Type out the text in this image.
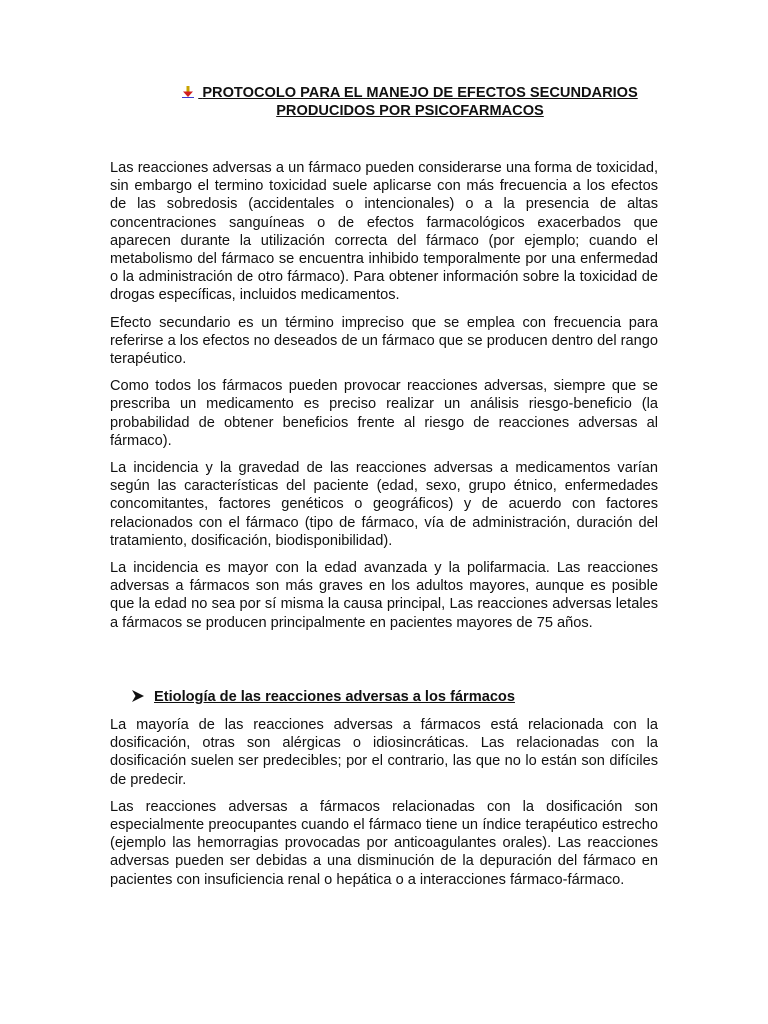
PROTOCOLO PARA EL MANEJO DE EFECTOS SECUNDARIOS
PRODUCIDOS POR PSICOFARMACOS

Las reacciones adversas a un fármaco pueden considerarse una forma de toxicidad, sin embargo el termino toxicidad suele aplicarse con más frecuencia a los efectos de las sobredosis (accidentales o intencionales) o a la presencia de altas concentraciones sanguíneas o de efectos farmacológicos exacerbados que aparecen durante la utilización correcta del fármaco (por ejemplo; cuando el metabolismo del fármaco se encuentra inhibido temporalmente por una enfermedad o la administración de otro fármaco). Para obtener información sobre la toxicidad de drogas específicas, incluidos medicamentos.

Efecto secundario es un término impreciso que se emplea con frecuencia para referirse a los efectos no deseados de un fármaco que se producen dentro del rango terapéutico.

Como todos los fármacos pueden provocar reacciones adversas, siempre que se prescriba un medicamento es preciso realizar un análisis riesgo-beneficio (la probabilidad de obtener beneficios frente al riesgo de reacciones adversas al fármaco).

La incidencia y la gravedad de las reacciones adversas a medicamentos varían según las características del paciente (edad, sexo, grupo étnico, enfermedades concomitantes, factores genéticos o geográficos) y de acuerdo con factores relacionados con el fármaco (tipo de fármaco, vía de administración, duración del tratamiento, dosificación, biodisponibilidad).

La incidencia es mayor con la edad avanzada y la polifarmacia. Las reacciones adversas a fármacos son más graves en los adultos mayores, aunque es posible que la edad no sea por sí misma la causa principal, Las reacciones adversas letales a fármacos se producen principalmente en pacientes mayores de 75 años.

Etiología de las reacciones adversas a los fármacos

La mayoría de las reacciones adversas a fármacos está relacionada con la dosificación, otras son alérgicas o idiosincráticas. Las relacionadas con la dosificación suelen ser predecibles; por el contrario, las que no lo están son difíciles de predecir.

Las reacciones adversas a fármacos relacionadas con la dosificación son especialmente preocupantes cuando el fármaco tiene un índice terapéutico estrecho (ejemplo las hemorragias provocadas por anticoagulantes orales). Las reacciones adversas pueden ser debidas a una disminución de la depuración del fármaco en pacientes con insuficiencia renal o hepática o a interacciones fármaco-fármaco.
